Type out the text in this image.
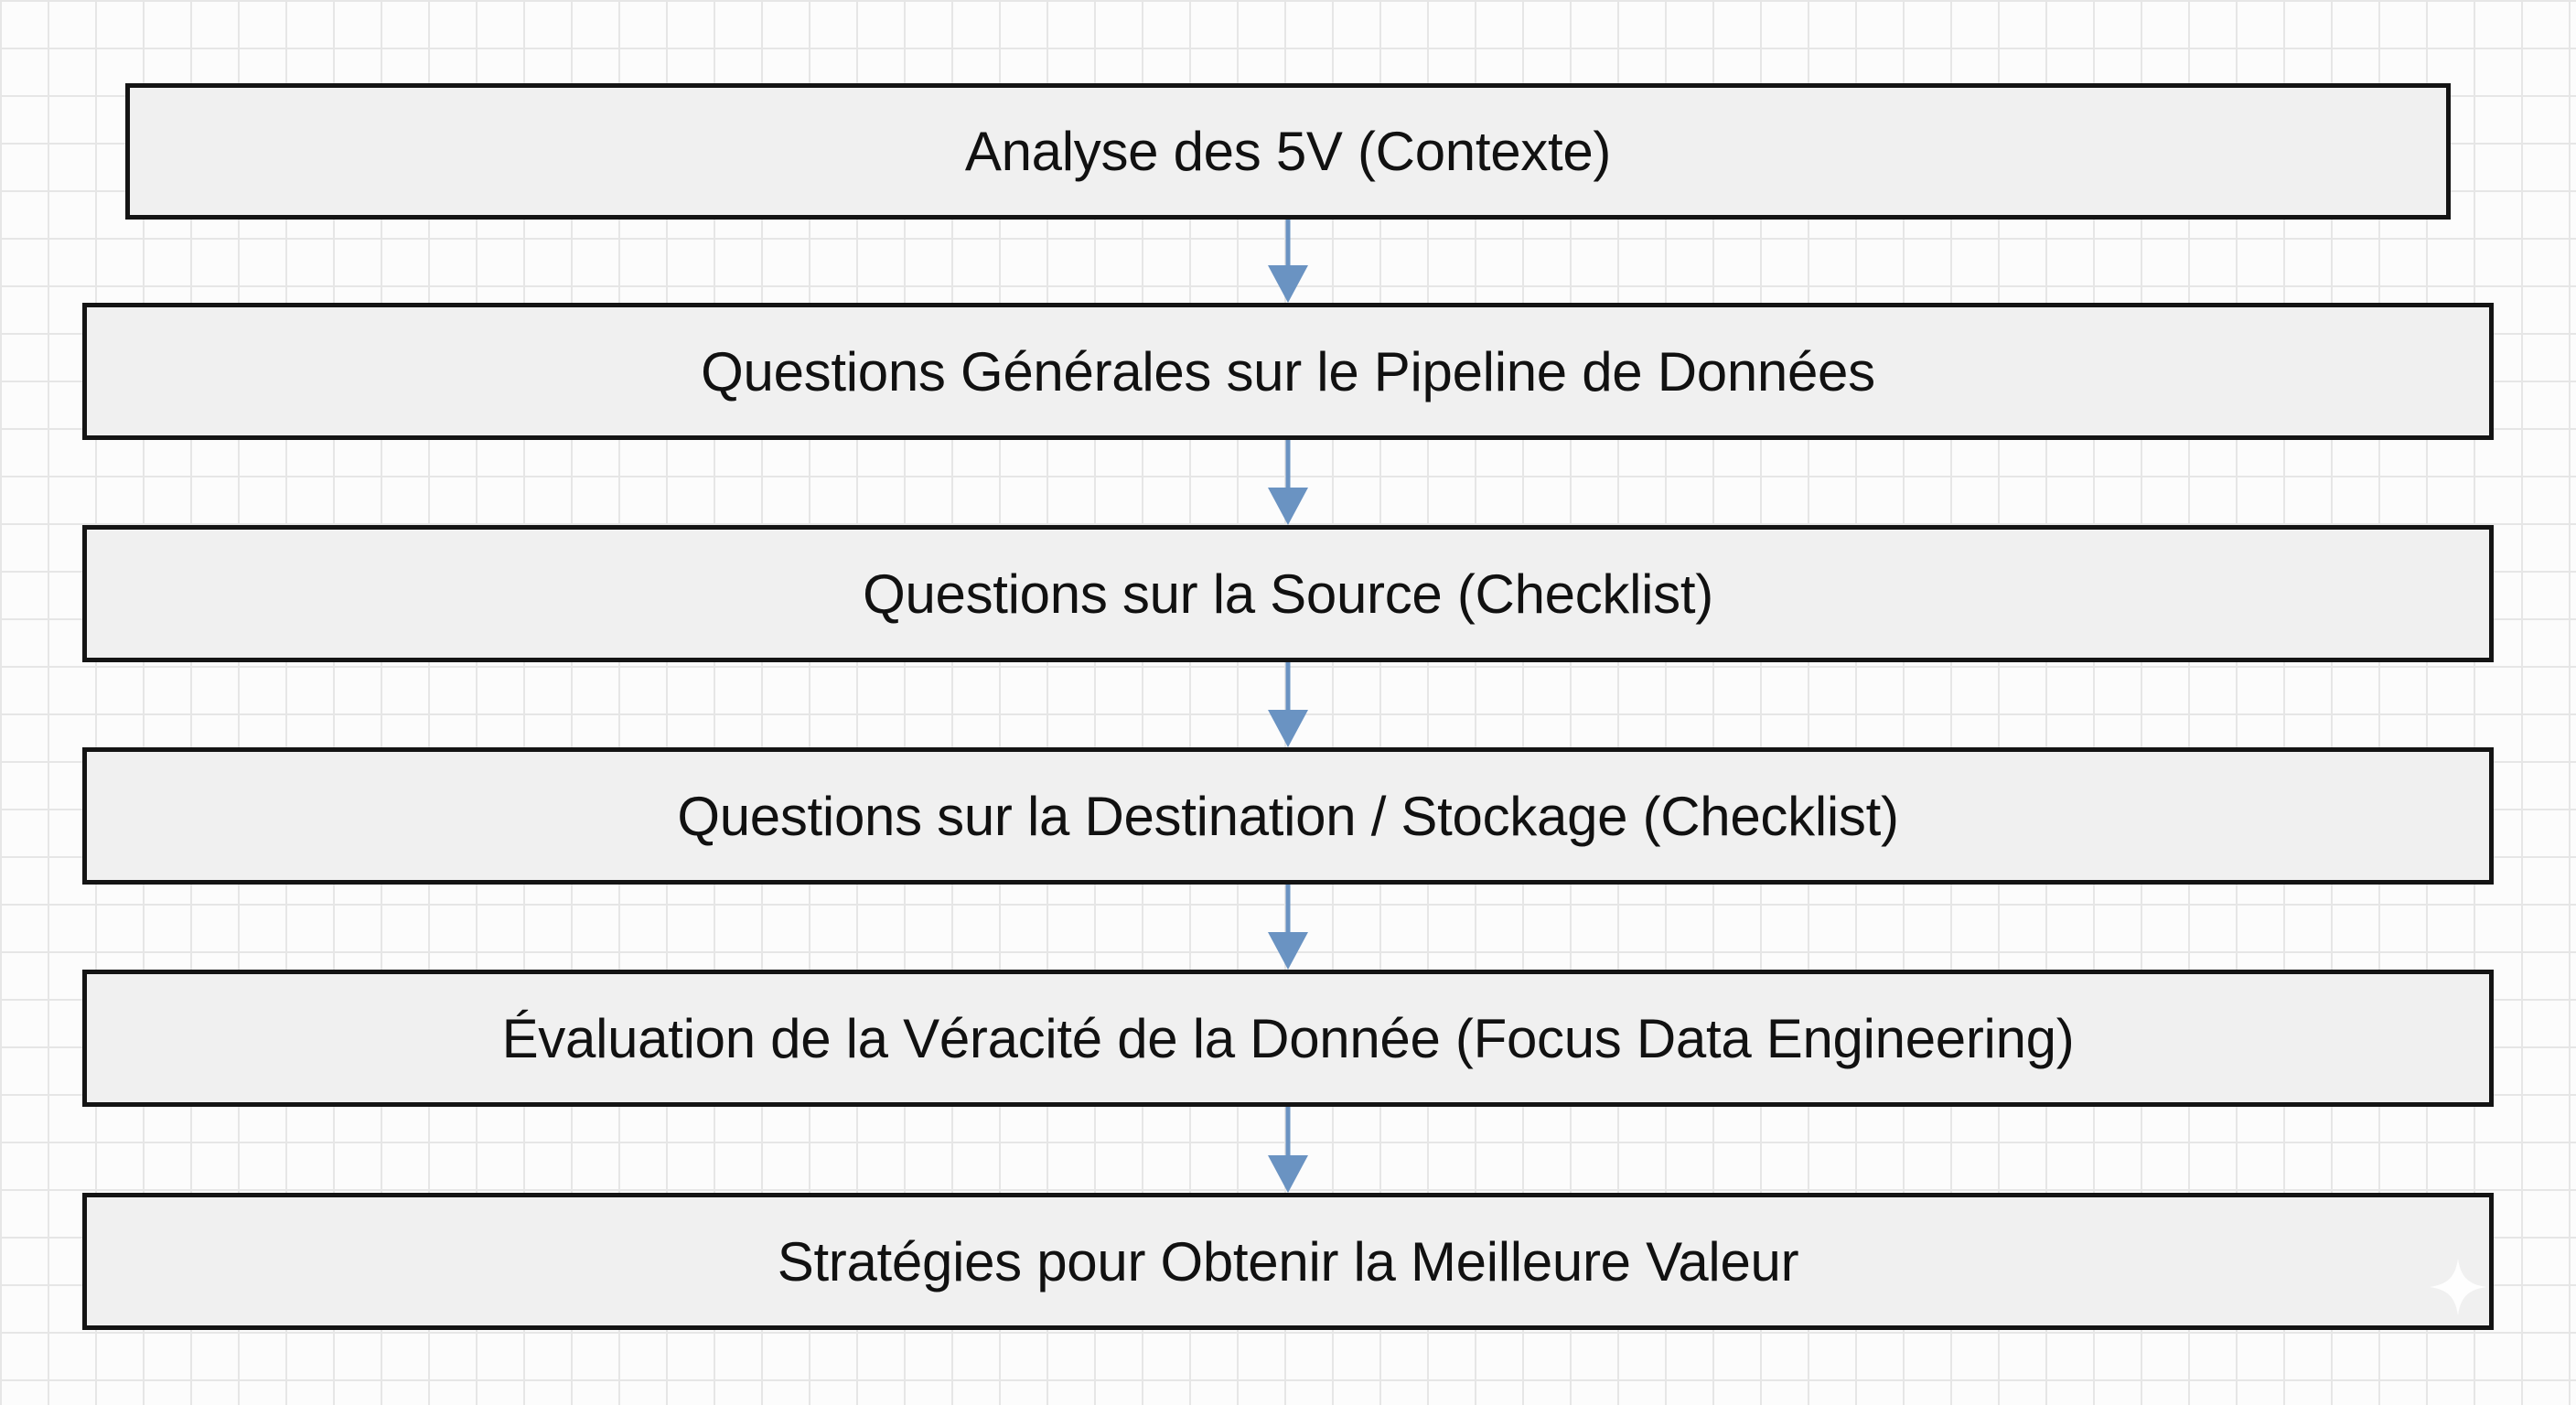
Analyse des 5V (Contexte)
Questions Générales sur le Pipeline de Données
Questions sur la Source (Checklist)
Questions sur la Destination / Stockage (Checklist)
Évaluation de la Véracité de la Donnée (Focus Data Engineering)
Stratégies pour Obtenir la Meilleure Valeur
